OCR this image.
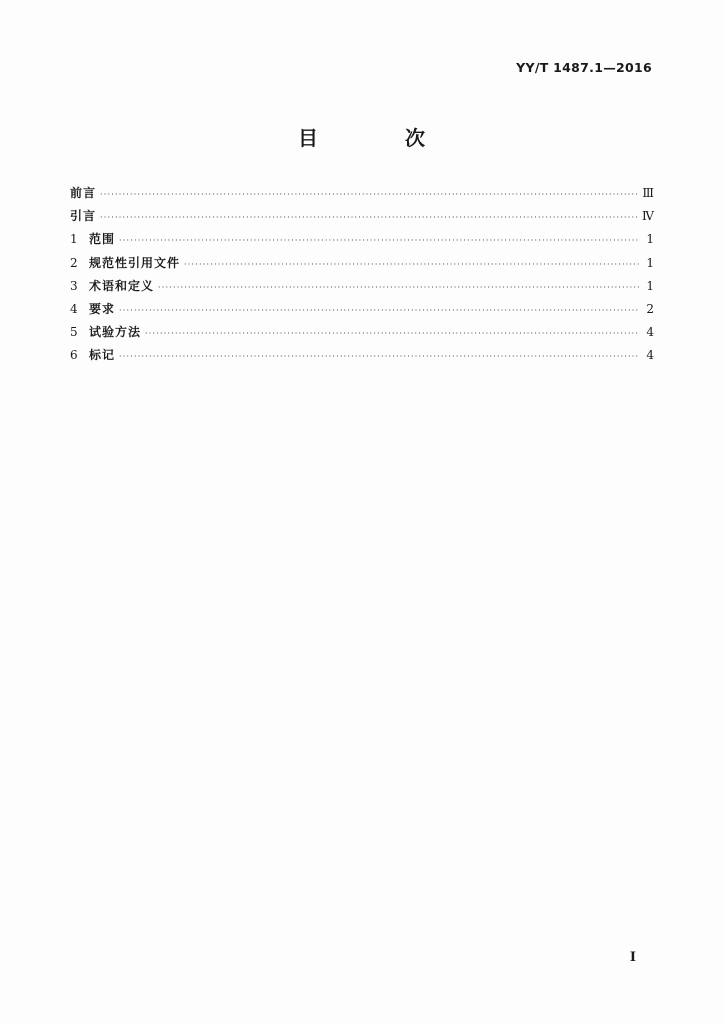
YY/T 1487.1—2016
目 次
前言 ·····	Ⅲ
引言 ·····	Ⅳ
1 范围 ·····	1
2 规范性引用文件 ·····	1
3 术语和定义 ·····	1
4 要求 ·····	2
5 试验方法 ·····	4
6 标记 ·····	4
I
